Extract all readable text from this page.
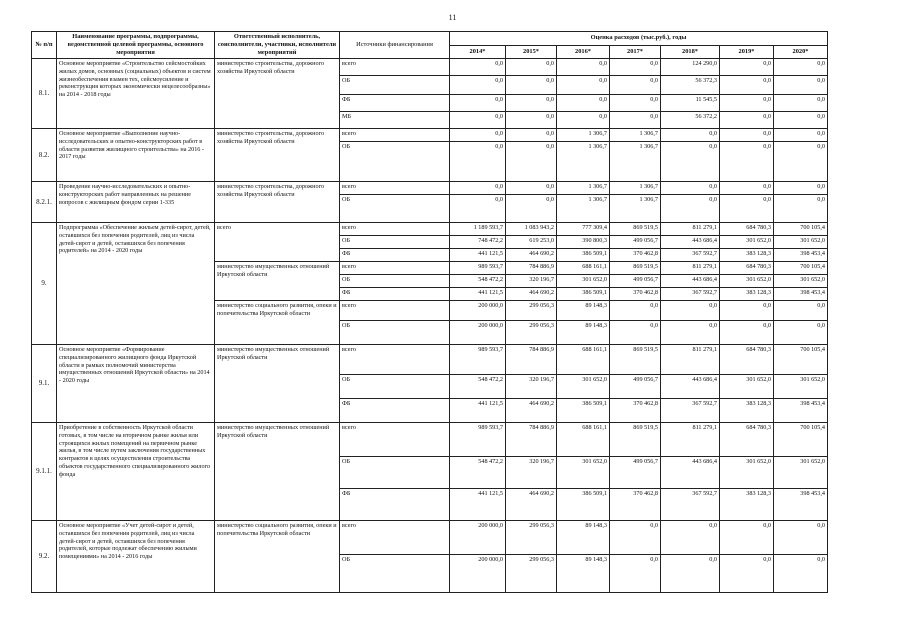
11
№ п/п	Наименование программы, подпрограммы, ведомственной целевой программы, основного мероприятия	Ответственный исполнитель, соисполнители, участники, исполнители мероприятий	Источники финансирования	Оценка расходов (тыс.руб.), годы						
				2014*	2015*	2016*	2017*	2018*	2019*	2020*
8.1.	Основное мероприятие «Строительство сейсмостойких жилых домов, основных (социальных) объектов и систем жизнеобеспечения взамен тех, сейсмоусиление и реконструкция которых экономически нецелесообразны» на 2014 - 2018 годы	министерство строительства, дорожного хозяйства Иркутской области	всего	0,0	0,0	0,0	0,0	124 290,0	0,0	0,0
			ОБ	0,0	0,0	0,0	0,0	56 372,3	0,0	0,0
			ФБ	0,0	0,0	0,0	0,0	11 545,5	0,0	0,0
			МБ	0,0	0,0	0,0	0,0	56 372,2	0,0	0,0
8.2.	Основное мероприятие «Выполнение научно-исследовательских и опытно-конструкторских работ в области развития жилищного строительства» на 2016 - 2017 годы	министерство строительства, дорожного хозяйства Иркутской области	всего	0,0	0,0	1 306,7	1 306,7	0,0	0,0	0,0
			ОБ	0,0	0,0	1 306,7	1 306,7	0,0	0,0	0,0
8.2.1.	Проведение научно-исследовательских и опытно-конструкторских работ направленных на решение вопросов с жилищным фондом серии 1-335	министерство строительства, дорожного хозяйства Иркутской области	всего	0,0	0,0	1 306,7	1 306,7	0,0	0,0	0,0
			ОБ	0,0	0,0	1 306,7	1 306,7	0,0	0,0	0,0
9.	Подпрограмма «Обеспечение жильем детей-сирот, детей, оставшихся без попечения родителей, лиц из числа детей-сирот и детей, оставшихся без попечения родителей» на 2014 - 2020 годы	всего	всего	1 189 593,7	1 083 943,2	777 309,4	869 519,5	811 279,1	684 780,3	700 105,4
			ОБ	748 472,2	619 253,0	390 800,3	499 056,7	443 686,4	301 652,0	301 652,0
			ФБ	441 121,5	464 690,2	386 509,1	370 462,8	367 592,7	383 128,3	398 453,4
		министерство имущественных отношений Иркутской области	всего	989 593,7	784 886,9	688 161,1	869 519,5	811 279,1	684 780,3	700 105,4
			ОБ	548 472,2	320 196,7	301 652,0	499 056,7	443 686,4	301 652,0	301 652,0
			ФБ	441 121,5	464 690,2	386 509,1	370 462,8	367 592,7	383 128,3	398 453,4
		министерство социального развития, опеки и попечительства Иркутской области	всего	200 000,0	299 056,3	89 148,3	0,0	0,0	0,0	0,0
			ОБ	200 000,0	299 056,3	89 148,3	0,0	0,0	0,0	0,0
9.1.	Основное мероприятие «Формирование специализированного жилищного фонда Иркутской области в рамках полномочий министерства имущественных отношений Иркутской области» на 2014 - 2020 годы	министерство имущественных отношений Иркутской области	всего	989 593,7	784 886,9	688 161,1	869 519,5	811 279,1	684 780,3	700 105,4
			ОБ	548 472,2	320 196,7	301 652,0	499 056,7	443 686,4	301 652,0	301 652,0
			ФБ	441 121,5	464 690,2	386 509,1	370 462,8	367 592,7	383 128,3	398 453,4
9.1.1.	Приобретение в собственность Иркутской области готовых, в том числе на вторичном рынке жилья или строящихся жилых помещений на первичном рынке жилья, в том числе путем заключения государственных контрактов в целях осуществления строительства объектов государственного специализированного жилого фонда	министерство имущественных отношений Иркутской области	всего	989 593,7	784 886,9	688 161,1	869 519,5	811 279,1	684 780,3	700 105,4
			ОБ	548 472,2	320 196,7	301 652,0	499 056,7	443 686,4	301 652,0	301 652,0
			ФБ	441 121,5	464 690,2	386 509,1	370 462,8	367 592,7	383 128,3	398 453,4
9.2.	Основное мероприятие «Учет детей-сирот и детей, оставшихся без попечения родителей, лиц из числа детей-сирот и детей, оставшихся без попечения родителей, которые подлежат обеспечению жилыми помещениями» на 2014 - 2016 годы	министерство социального развития, опеки и попечительства Иркутской области	всего	200 000,0	299 056,3	89 148,3	0,0	0,0	0,0	0,0
			ОБ	200 000,0	299 056,3	89 148,3	0,0	0,0	0,0	0,0
